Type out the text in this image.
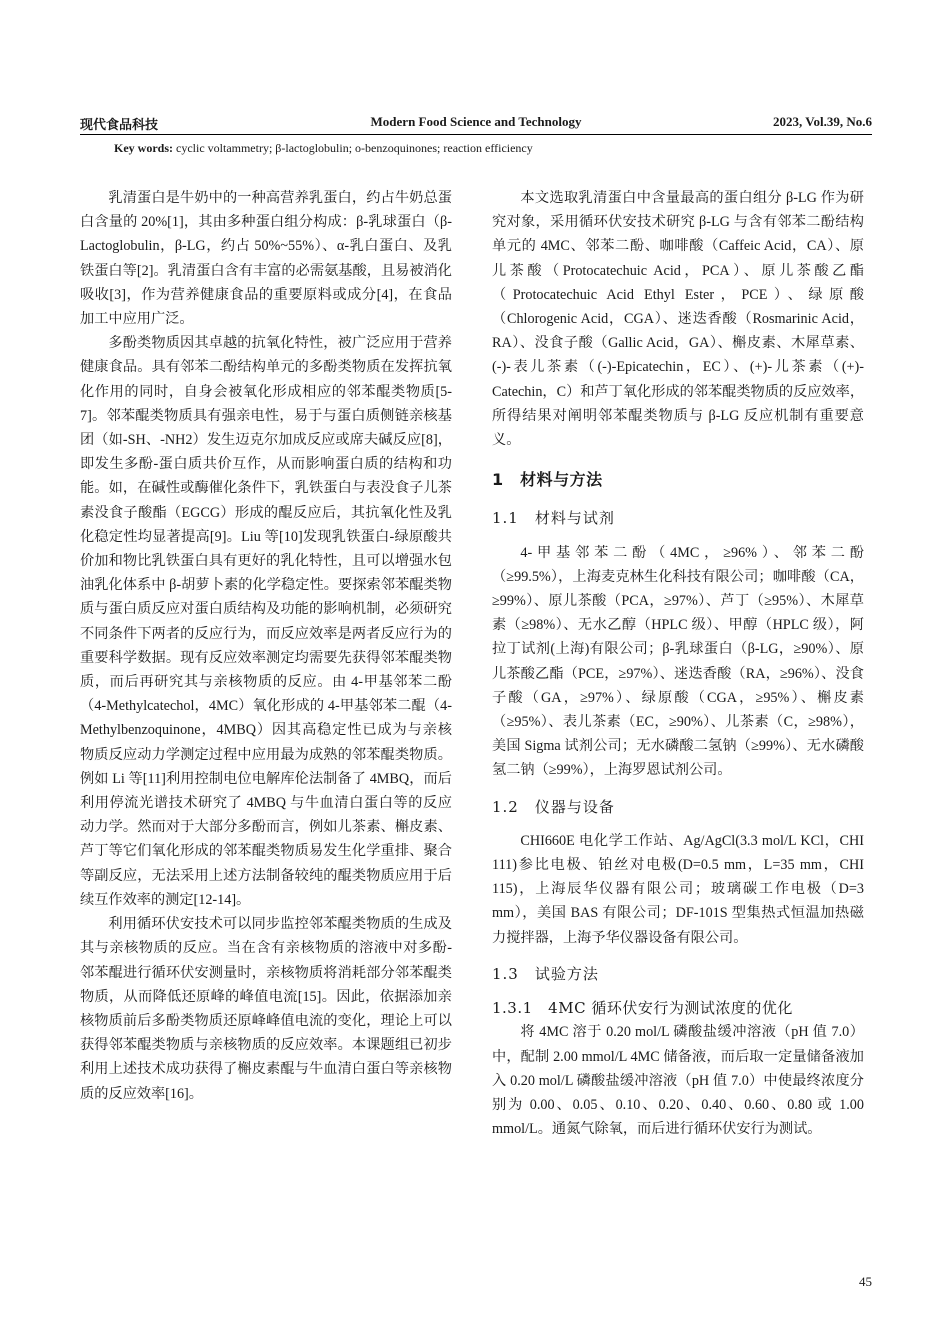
现代食品科技	Modern Food Science and Technology	2023, Vol.39, No.6
Key words: cyclic voltammetry; β-lactoglobulin; o-benzoquinones; reaction efficiency

乳清蛋白是牛奶中的一种高营养乳蛋白，约占牛奶总蛋白含量的 20%[1]，其由多种蛋白组分构成：β-乳球蛋白（β-Lactoglobulin，β-LG，约占 50%~55%）、α-乳白蛋白、及乳铁蛋白等[2]。乳清蛋白含有丰富的必需氨基酸，且易被消化吸收[3]，作为营养健康食品的重要原料或成分[4]，在食品加工中应用广泛。

多酚类物质因其卓越的抗氧化特性，被广泛应用于营养健康食品。具有邻苯二酚结构单元的多酚类物质在发挥抗氧化作用的同时，自身会被氧化形成相应的邻苯醌类物质[5-7]。邻苯醌类物质具有强亲电性，易于与蛋白质侧链亲核基团（如-SH、-NH2）发生迈克尔加成反应或席夫碱反应[8]，即发生多酚-蛋白质共价互作，从而影响蛋白质的结构和功能。如，在碱性或酶催化条件下，乳铁蛋白与表没食子儿茶素没食子酸酯（EGCG）形成的醌反应后，其抗氧化性及乳化稳定性均显著提高[9]。Liu 等[10]发现乳铁蛋白-绿原酸共价加和物比乳铁蛋白具有更好的乳化特性，且可以增强水包油乳化体系中 β-胡萝卜素的化学稳定性。要探索邻苯醌类物质与蛋白质反应对蛋白质结构及功能的影响机制，必须研究不同条件下两者的反应行为，而反应效率是两者反应行为的重要科学数据。现有反应效率测定均需要先获得邻苯醌类物质，而后再研究其与亲核物质的反应。由 4-甲基邻苯二酚（4-Methylcatechol，4MC）氧化形成的 4-甲基邻苯二醌（4-Methylbenzoquinone，4MBQ）因其高稳定性已成为与亲核物质反应动力学测定过程中应用最为成熟的邻苯醌类物质。例如 Li 等[11]利用控制电位电解库伦法制备了 4MBQ，而后利用停流光谱技术研究了 4MBQ 与牛血清白蛋白等的反应动力学。然而对于大部分多酚而言，例如儿茶素、槲皮素、芦丁等它们氧化形成的邻苯醌类物质易发生化学重排、聚合等副反应，无法采用上述方法制备较纯的醌类物质应用于后续互作效率的测定[12-14]。

利用循环伏安技术可以同步监控邻苯醌类物质的生成及其与亲核物质的反应。当在含有亲核物质的溶液中对多酚-邻苯醌进行循环伏安测量时，亲核物质将消耗部分邻苯醌类物质，从而降低还原峰的峰值电流[15]。因此，依据添加亲核物质前后多酚类物质还原峰峰值电流的变化，理论上可以获得邻苯醌类物质与亲核物质的反应效率。本课题组已初步利用上述技术成功获得了槲皮素醌与牛血清白蛋白等亲核物质的反应效率[16]。

本文选取乳清蛋白中含量最高的蛋白组分 β-LG 作为研究对象，采用循环伏安技术研究 β-LG 与含有邻苯二酚结构单元的 4MC、邻苯二酚、咖啡酸（Caffeic Acid，CA）、原儿茶酸（Protocatechuic Acid，PCA）、原儿茶酸乙酯（Protocatechuic Acid Ethyl Ester，PCE）、绿原酸（Chlorogenic Acid，CGA）、迷迭香酸（Rosmarinic Acid，RA）、没食子酸（Gallic Acid，GA）、槲皮素、木犀草素、(-)-表儿茶素（(-)-Epicatechin，EC）、(+)-儿茶素（(+)-Catechin，C）和芦丁氧化形成的邻苯醌类物质的反应效率，所得结果对阐明邻苯醌类物质与 β-LG 反应机制有重要意义。

1　材料与方法
1.1　材料与试剂

4-甲基邻苯二酚（4MC，≥96%）、邻苯二酚（≥99.5%），上海麦克林生化科技有限公司；咖啡酸（CA，≥99%）、原儿茶酸（PCA，≥97%）、芦丁（≥95%）、木犀草素（≥98%）、无水乙醇（HPLC 级）、甲醇（HPLC 级），阿拉丁试剂(上海)有限公司；β-乳球蛋白（β-LG，≥90%）、原儿茶酸乙酯（PCE，≥97%）、迷迭香酸（RA，≥96%）、没食子酸（GA，≥97%）、绿原酸（CGA，≥95%）、槲皮素（≥95%）、表儿茶素（EC，≥90%）、儿茶素（C，≥98%），美国 Sigma 试剂公司；无水磷酸二氢钠（≥99%）、无水磷酸氢二钠（≥99%），上海罗恩试剂公司。

1.2　仪器与设备

CHI660E 电化学工作站、Ag/AgCl(3.3 mol/L KCl，CHI 111)参比电极、铂丝对电极(D=0.5 mm，L=35 mm，CHI 115)，上海辰华仪器有限公司；玻璃碳工作电极（D=3 mm），美国 BAS 有限公司；DF-101S 型集热式恒温加热磁力搅拌器，上海予华仪器设备有限公司。

1.3　试验方法
1.3.1　4MC 循环伏安行为测试浓度的优化

将 4MC 溶于 0.20 mol/L 磷酸盐缓冲溶液（pH 值 7.0）中，配制 2.00 mmol/L 4MC 储备液，而后取一定量储备液加入 0.20 mol/L 磷酸盐缓冲溶液（pH 值 7.0）中使最终浓度分别为 0.00、0.05、0.10、0.20、0.40、0.60、0.80 或 1.00 mmol/L。通氮气除氧，而后进行循环伏安行为测试。

45
